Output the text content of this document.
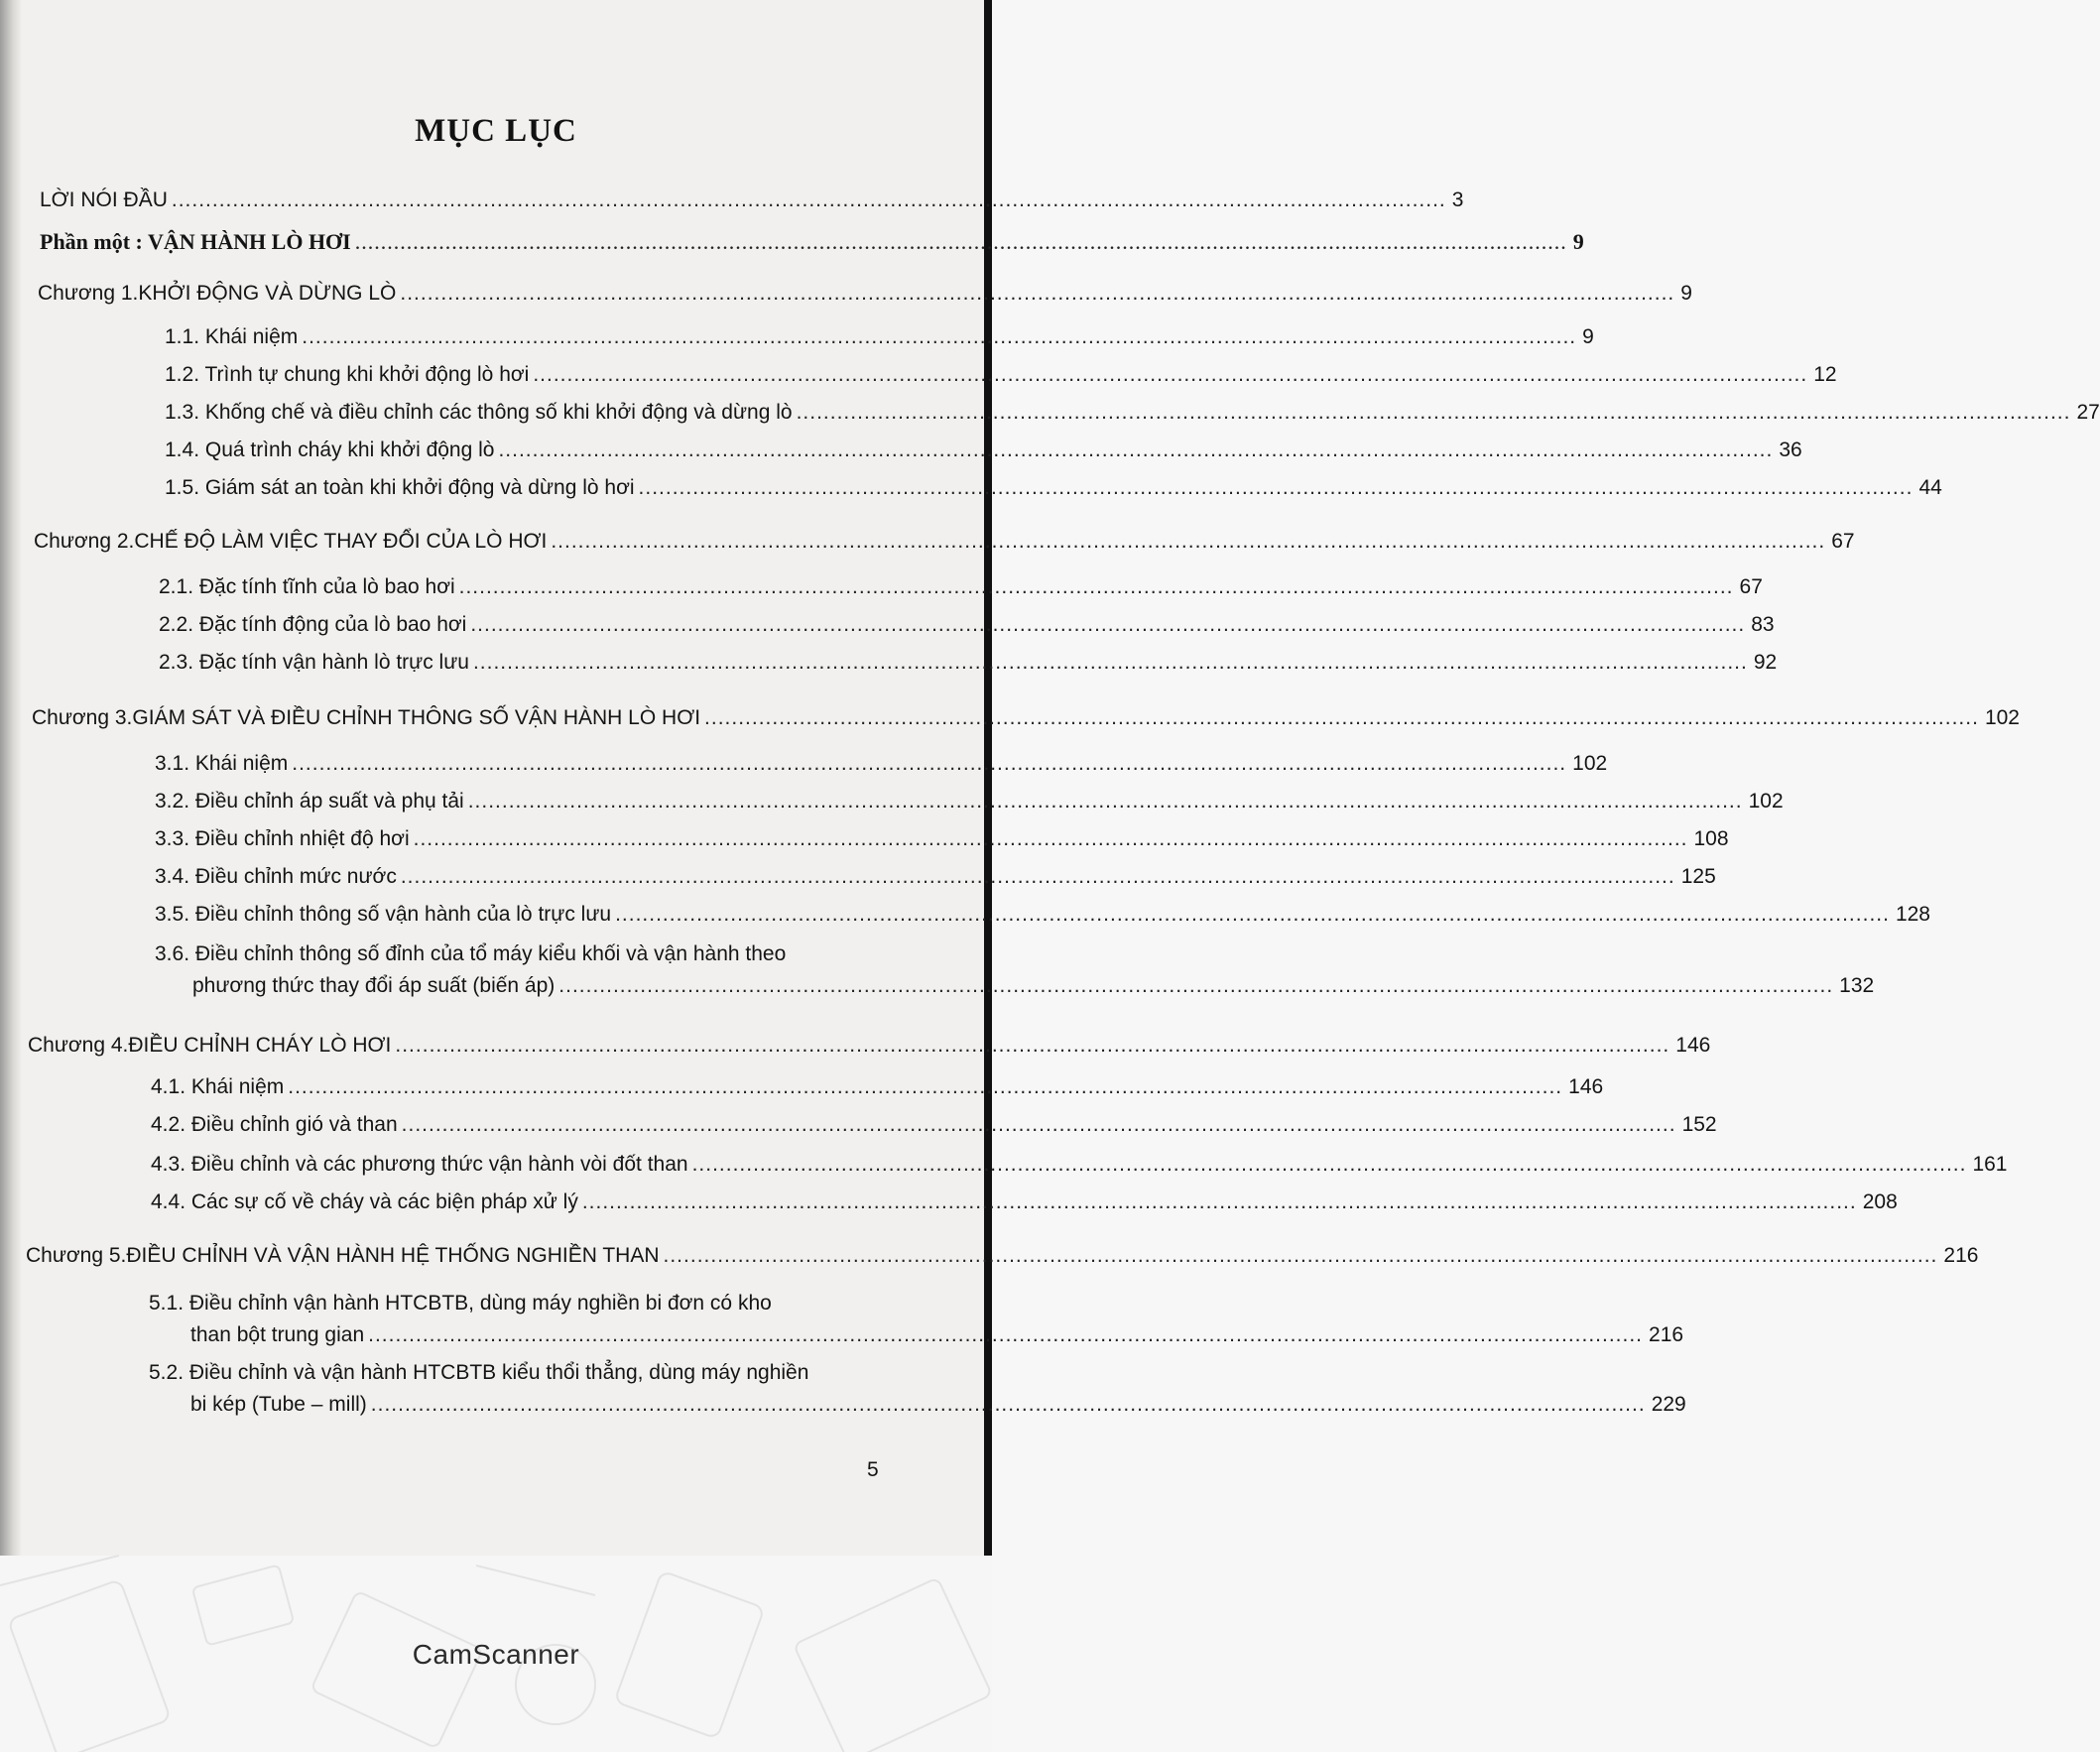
MỤC LỤC
LỜI NÓI ĐẦU ............................................................................................................................................................................................ 3
Phần một : VẬN HÀNH LÒ HƠI ............................................................................................................................................................................................ 9
Chương 1. KHỞI ĐỘNG VÀ DỪNG LÒ ............................................................................................................................................................................................ 9
1.1. Khái niệm ............................................................................................................................................................................................ 9
1.2. Trình tự chung khi khởi động lò hơi ............................................................................................................................................................................................ 12
1.3. Khống chế và điều chỉnh các thông số khi khởi động và dừng lò ............................................................................................................................................................................................ 27
1.4. Quá trình cháy khi khởi động lò ............................................................................................................................................................................................ 36
1.5. Giám sát an toàn khi khởi động và dừng lò hơi ............................................................................................................................................................................................ 44
Chương 2. CHẾ ĐỘ LÀM VIỆC THAY ĐỔI CỦA LÒ HƠI ............................................................................................................................................................................................ 67
2.1. Đặc tính tĩnh của lò bao hơi ............................................................................................................................................................................................ 67
2.2. Đặc tính động của lò bao hơi ............................................................................................................................................................................................ 83
2.3. Đặc tính vận hành lò trực lưu ............................................................................................................................................................................................ 92
Chương 3. GIÁM SÁT VÀ ĐIỀU CHỈNH THÔNG SỐ VẬN HÀNH LÒ HƠI ............................................................................................................................................................................................ 102
3.1. Khái niệm ............................................................................................................................................................................................ 102
3.2. Điều chỉnh áp suất và phụ tải ............................................................................................................................................................................................ 102
3.3. Điều chỉnh nhiệt độ hơi ............................................................................................................................................................................................ 108
3.4. Điều chỉnh mức nước ............................................................................................................................................................................................ 125
3.5. Điều chỉnh thông số vận hành của lò trực lưu ............................................................................................................................................................................................ 128
3.6. Điều chỉnh thông số đỉnh của tổ máy kiểu khối và vận hành theo
phương thức thay đổi áp suất (biến áp) ............................................................................................................................................................................................ 132
Chương 4. ĐIỀU CHỈNH CHÁY LÒ HƠI ............................................................................................................................................................................................ 146
4.1. Khái niệm ............................................................................................................................................................................................ 146
4.2. Điều chỉnh gió và than ............................................................................................................................................................................................ 152
4.3. Điều chỉnh và các phương thức vận hành vòi đốt than ............................................................................................................................................................................................ 161
4.4. Các sự cố về cháy và các biện pháp xử lý ............................................................................................................................................................................................ 208
Chương 5. ĐIỀU CHỈNH VÀ VẬN HÀNH HỆ THỐNG NGHIỀN THAN ............................................................................................................................................................................................ 216
5.1. Điều chỉnh vận hành HTCBTB, dùng máy nghiền bi đơn có kho
than bột trung gian ............................................................................................................................................................................................ 216
5.2. Điều chỉnh và vận hành HTCBTB kiểu thổi thẳng, dùng máy nghiền
bi kép (Tube – mill) ............................................................................................................................................................................................ 229
5
CamScanner
